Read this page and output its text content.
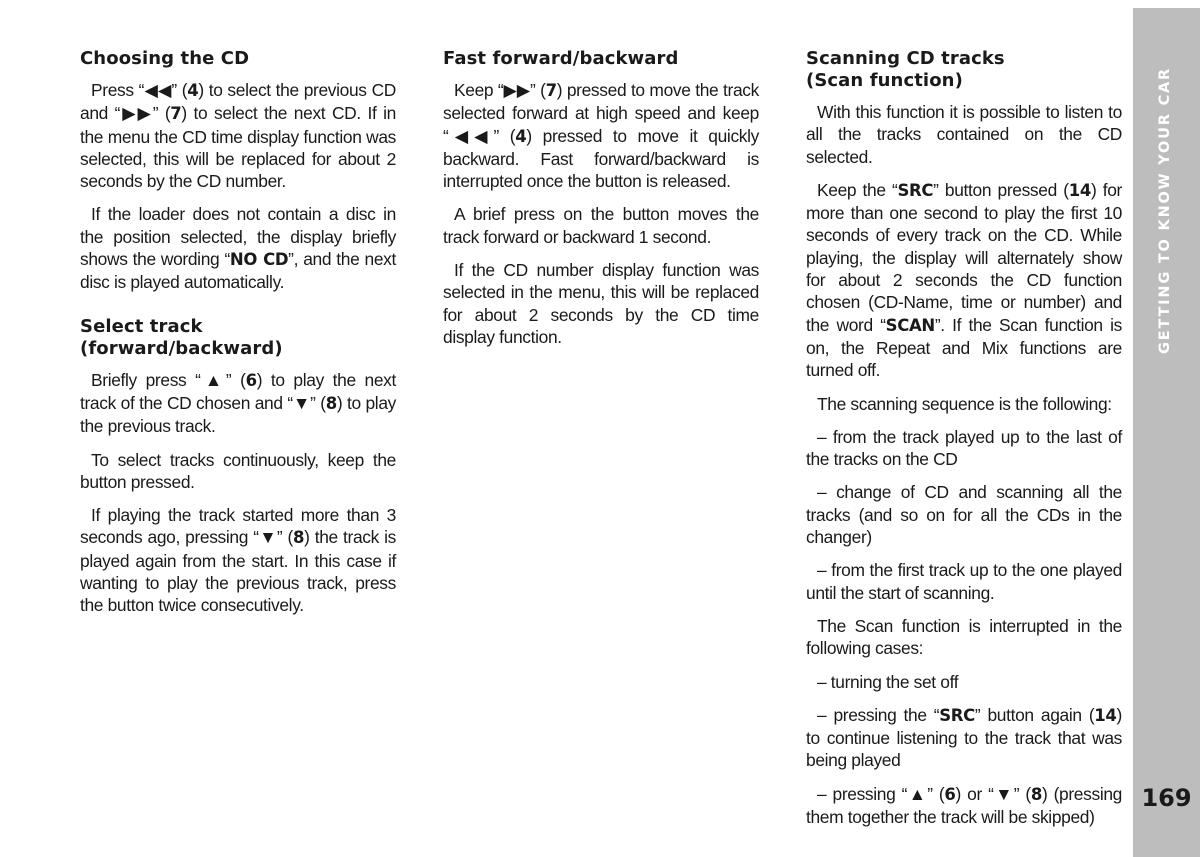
GETTING TO KNOW YOUR CAR
169
Choosing the CD

Press “◀◀” (4) to select the previous CD and “▶▶” (7) to select the next CD. If in the menu the CD time display function was selected, this will be replaced for about 2 seconds by the CD number.

If the loader does not contain a disc in the position selected, the display briefly shows the wording “NO CD”, and the next disc is played automatically.

Select track (forward/backward)

Briefly press “▲” (6) to play the next track of the CD chosen and “▼” (8) to play the previous track.

To select tracks continuously, keep the button pressed.

If playing the track started more than 3 seconds ago, pressing “▼” (8) the track is played again from the start. In this case if wanting to play the previous track, press the button twice consecutively.

Fast forward/backward

Keep “▶▶” (7) pressed to move the track selected forward at high speed and keep “◀◀” (4) pressed to move it quickly backward. Fast forward/backward is interrupted once the button is released.

A brief press on the button moves the track forward or backward 1 second.

If the CD number display function was selected in the menu, this will be replaced for about 2 seconds by the CD time display function.

Scanning CD tracks
(Scan function)

With this function it is possible to listen to all the tracks contained on the CD selected.

Keep the “SRC” button pressed (14) for more than one second to play the first 10 seconds of every track on the CD. While playing, the display will alternately show for about 2 seconds the CD function chosen (CD-Name, time or number) and the word “SCAN”. If the Scan function is on, the Repeat and Mix functions are turned off.

The scanning sequence is the following:

– from the track played up to the last of the tracks on the CD

– change of CD and scanning all the tracks (and so on for all the CDs in the changer)

– from the first track up to the one played until the start of scanning.

The Scan function is interrupted in the following cases:

– turning the set off

– pressing the “SRC” button again (14) to continue listening to the track that was being played

– pressing “▲” (6) or “▼” (8) (pressing them together the track will be skipped)
